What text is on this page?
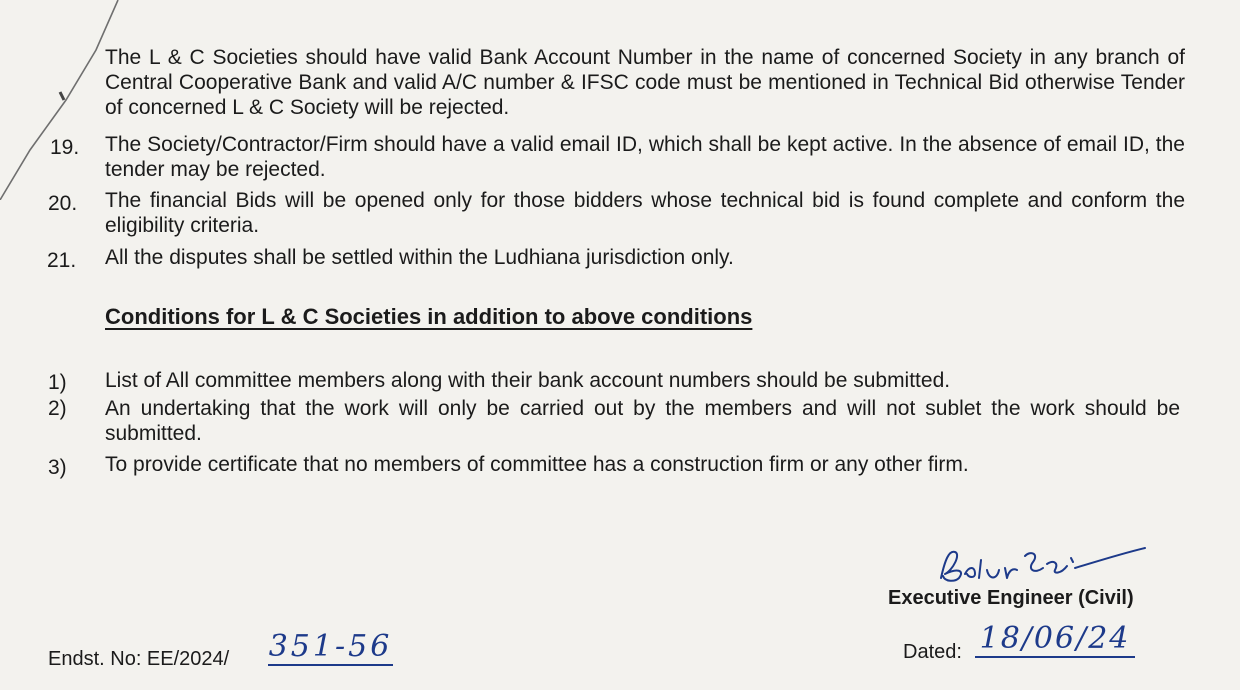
The L & C Societies should have valid Bank Account Number in the name of concerned Society in any branch of Central Cooperative Bank and valid A/C number & IFSC code must be mentioned in Technical Bid otherwise Tender of concerned L & C Society will be rejected.
19. The Society/Contractor/Firm should have a valid email ID, which shall be kept active. In the absence of email ID, the tender may be rejected.
20. The financial Bids will be opened only for those bidders whose technical bid is found complete and conform the eligibility criteria.
21. All the disputes shall be settled within the Ludhiana jurisdiction only.
Conditions for L & C Societies in addition to above conditions
1) List of All committee members along with their bank account numbers should be submitted.
2) An undertaking that the work will only be carried out by the members and will not sublet the work should be submitted.
3) To provide certificate that no members of committee has a construction firm or any other firm.
Executive Engineer (Civil)
Dated: 18/06/24
Endst. No: EE/2024/ 351-56
